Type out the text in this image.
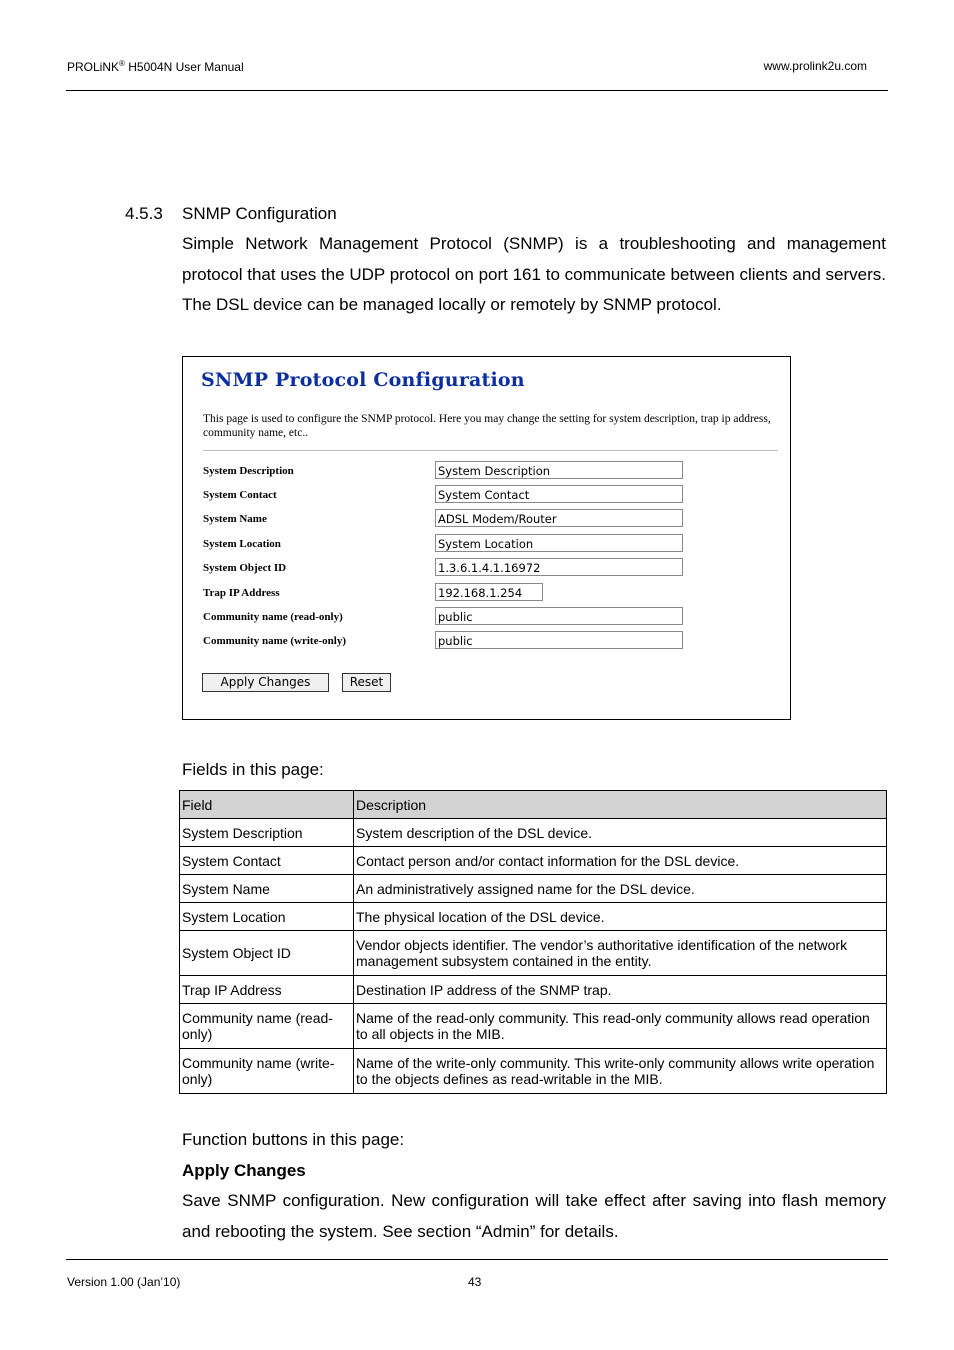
PROLiNK® H5004N User Manual	www.prolink2u.com
4.5.3 SNMP Configuration
Simple Network Management Protocol (SNMP) is a troubleshooting and management protocol that uses the UDP protocol on port 161 to communicate between clients and servers. The DSL device can be managed locally or remotely by SNMP protocol.
SNMP Protocol Configuration
This page is used to configure the SNMP protocol. Here you may change the setting for system description, trap ip address, community name, etc..
System Description	System Description
System Contact	System Contact
System Name	ADSL Modem/Router
System Location	System Location
System Object ID	1.3.6.1.4.1.16972
Trap IP Address	192.168.1.254
Community name (read-only)	public
Community name (write-only)	public
Apply Changes	Reset
Fields in this page:
Field	Description
System Description	System description of the DSL device.
System Contact	Contact person and/or contact information for the DSL device.
System Name	An administratively assigned name for the DSL device.
System Location	The physical location of the DSL device.
System Object ID	Vendor objects identifier. The vendor’s authoritative identification of the network management subsystem contained in the entity.
Trap IP Address	Destination IP address of the SNMP trap.
Community name (read-only)	Name of the read-only community. This read-only community allows read operation to all objects in the MIB.
Community name (write-only)	Name of the write-only community. This write-only community allows write operation to the objects defines as read-writable in the MIB.
Function buttons in this page:
Apply Changes
Save SNMP configuration. New configuration will take effect after saving into flash memory and rebooting the system. See section “Admin” for details.
Version 1.00 (Jan’10)	43
